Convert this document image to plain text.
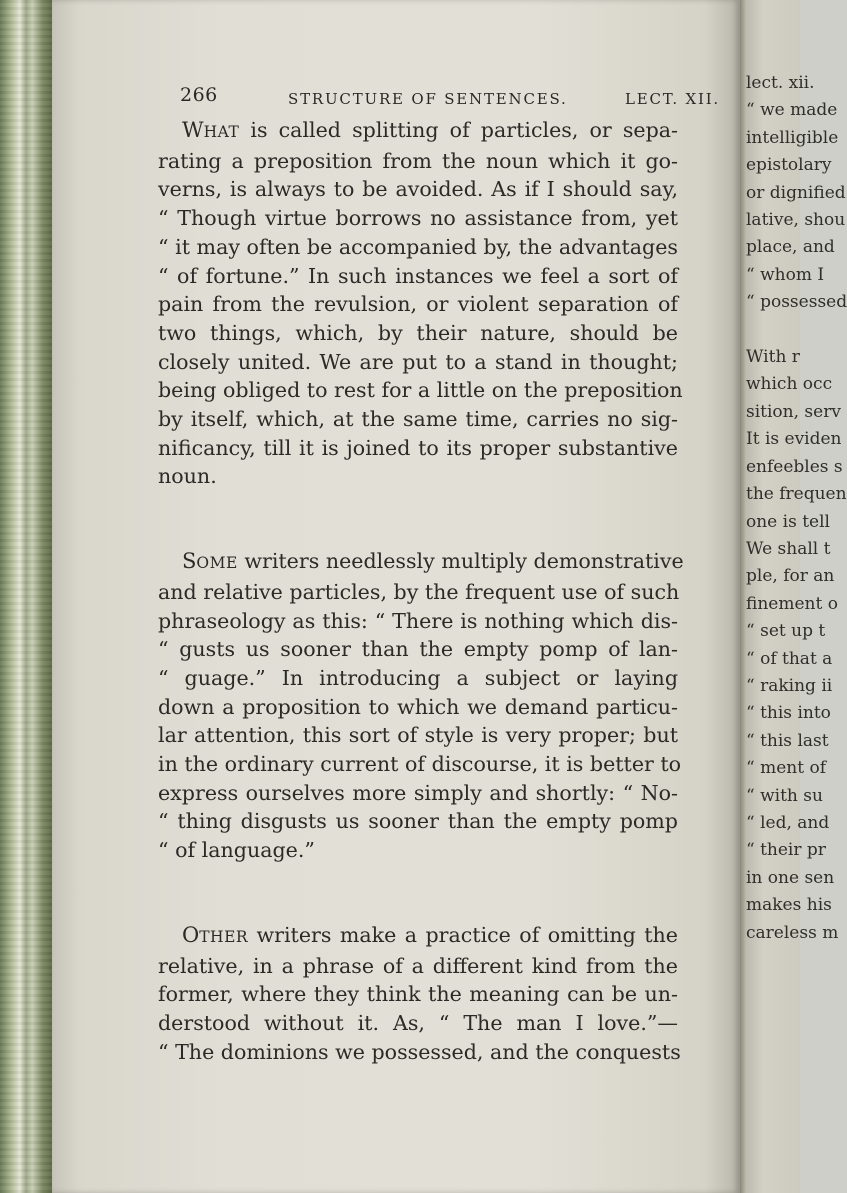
266	STRUCTURE OF SENTENCES.	LECT. XII.

WHAT is called splitting of particles, or sepa-
rating a preposition from the noun which it go-
verns, is always to be avoided. As if I should say,
“ Though virtue borrows no assistance from, yet
“ it may often be accompanied by, the advantages
“ of fortune.” In such instances we feel a sort of
pain from the revulsion, or violent separation of
two things, which, by their nature, should be
closely united. We are put to a stand in thought;
being obliged to rest for a little on the preposition
by itself, which, at the same time, carries no sig-
nificancy, till it is joined to its proper substantive
noun.

SOME writers needlessly multiply demonstrative
and relative particles, by the frequent use of such
phraseology as this: “ There is nothing which dis-
“ gusts us sooner than the empty pomp of lan-
“ guage.” In introducing a subject or laying
down a proposition to which we demand particu-
lar attention, this sort of style is very proper; but
in the ordinary current of discourse, it is better to
express ourselves more simply and shortly: “ No-
“ thing disgusts us sooner than the empty pomp
“ of language.”

OTHER writers make a practice of omitting the
relative, in a phrase of a different kind from the
former, where they think the meaning can be un-
derstood without it. As, “ The man I love.”—
“ The dominions we possessed, and the conquests

lect. xii.
“ we made
intelligible
epistolary
or dignified
lative, shou
place, and
“ whom I
“ possessed

With r
which occ
sition, serv
It is eviden
enfeebles s
the frequen
one is tell
We shall t
ple, for an
finement o
“ set up t
“ of that a
“ raking ii
“ this into
“ this last
“ ment of
“ with su
“ led, and
“ their pr
in one sen
makes his
careless m
